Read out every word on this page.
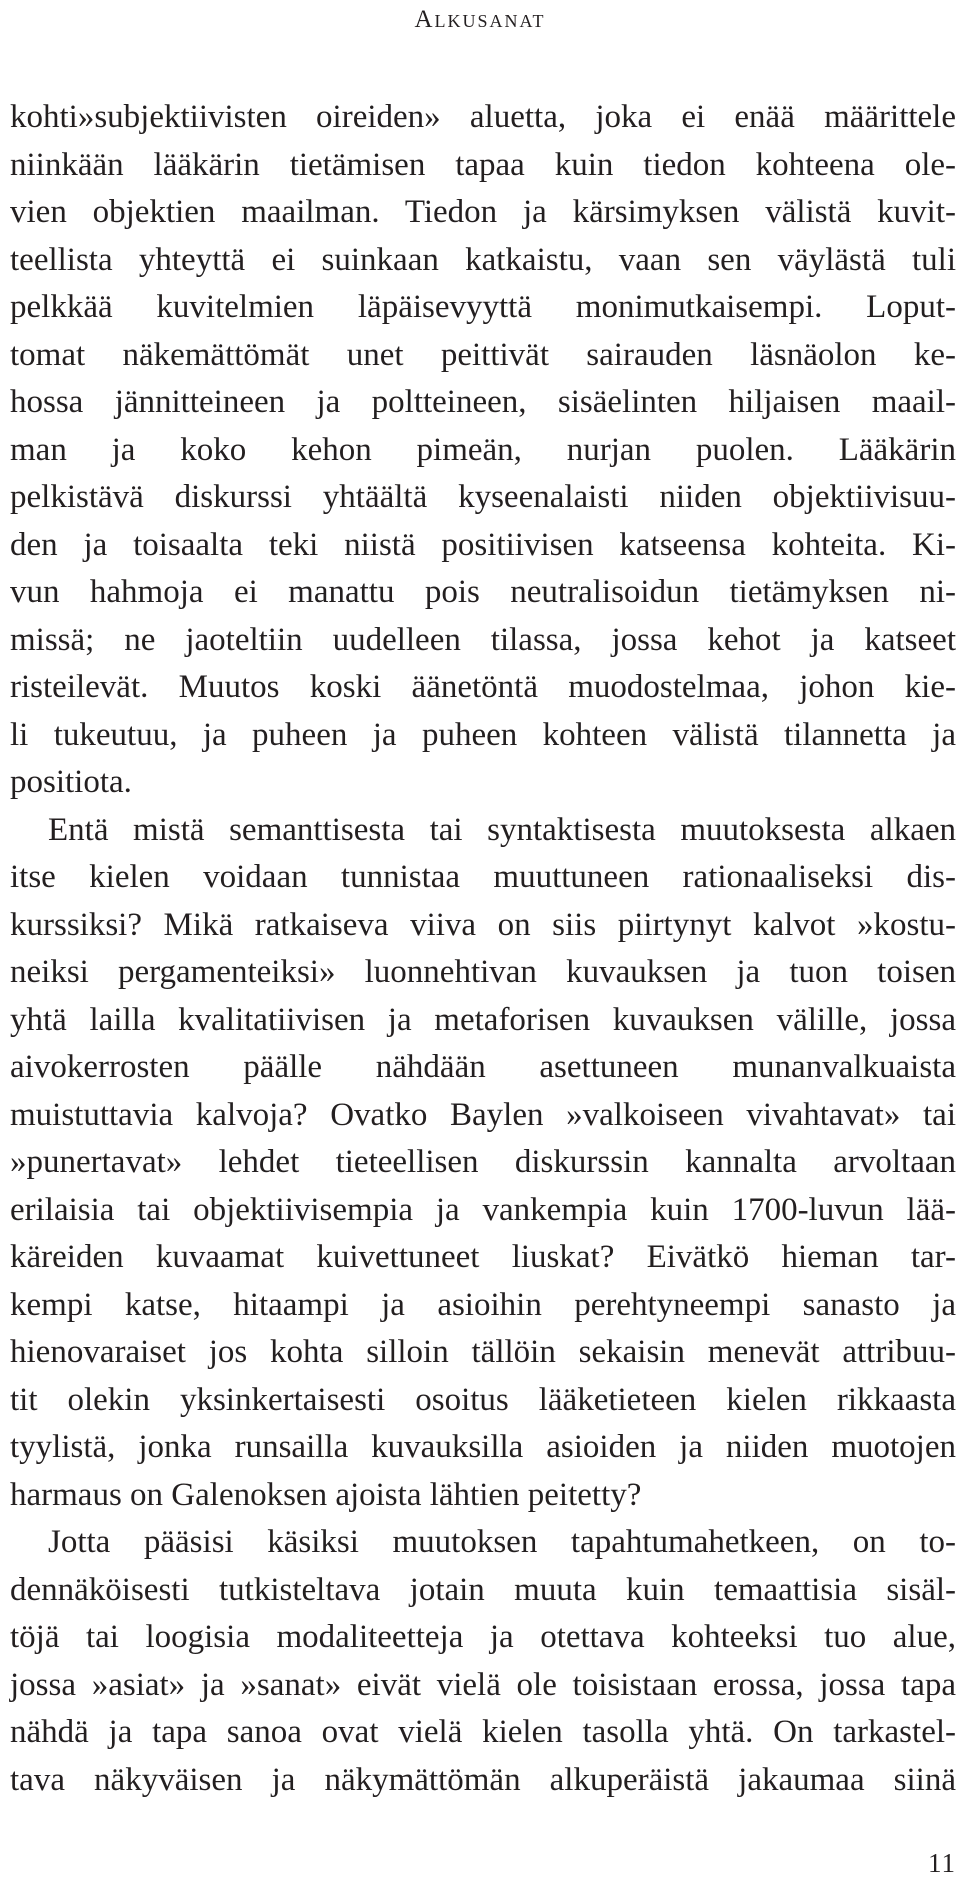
Alkusanat
kohti»subjektiivisten oireiden» aluetta, joka ei enää määrittele
niinkään lääkärin tietämisen tapaa kuin tiedon kohteena ole-
vien objektien maailman. Tiedon ja kärsimyksen välistä kuvit-
teellista yhteyttä ei suinkaan katkaistu, vaan sen väylästä tuli
pelkkää kuvitelmien läpäisevyyttä monimutkaisempi. Loput-
tomat näkemättömät unet peittivät sairauden läsnäolon ke-
hossa jännitteineen ja poltteineen, sisäelinten hiljaisen maail-
man ja koko kehon pimeän, nurjan puolen. Lääkärin
pelkistävä diskurssi yhtäältä kyseenalaisti niiden objektiivisuu-
den ja toisaalta teki niistä positiivisen katseensa kohteita. Ki-
vun hahmoja ei manattu pois neutralisoidun tietämyksen ni-
missä; ne jaoteltiin uudelleen tilassa, jossa kehot ja katseet
risteilevät. Muutos koski äänetöntä muodostelmaa, johon kie-
li tukeutuu, ja puheen ja puheen kohteen välistä tilannetta ja
positiota.
Entä mistä semanttisesta tai syntaktisesta muutoksesta alkaen
itse kielen voidaan tunnistaa muuttuneen rationaaliseksi dis-
kurssiksi? Mikä ratkaiseva viiva on siis piirtynyt kalvot »kostu-
neiksi pergamenteiksi» luonnehtivan kuvauksen ja tuon toisen
yhtä lailla kvalitatiivisen ja metaforisen kuvauksen välille, jossa
aivokerrosten päälle nähdään asettuneen munanvalkuaista
muistuttavia kalvoja? Ovatko Baylen »valkoiseen vivahtavat» tai
»punertavat» lehdet tieteellisen diskurssin kannalta arvoltaan
erilaisia tai objektiivisempia ja vankempia kuin 1700-luvun lää-
käreiden kuvaamat kuivettuneet liuskat? Eivätkö hieman tar-
kempi katse, hitaampi ja asioihin perehtyneempi sanasto ja
hienovaraiset jos kohta silloin tällöin sekaisin menevät attribuu-
tit olekin yksinkertaisesti osoitus lääketieteen kielen rikkaasta
tyylistä, jonka runsailla kuvauksilla asioiden ja niiden muotojen
harmaus on Galenoksen ajoista lähtien peitetty?
Jotta pääsisi käsiksi muutoksen tapahtumahetkeen, on to-
dennäköisesti tutkisteltava jotain muuta kuin temaattisia sisäl-
töjä tai loogisia modaliteetteja ja otettava kohteeksi tuo alue,
jossa »asiat» ja »sanat» eivät vielä ole toisistaan erossa, jossa tapa
nähdä ja tapa sanoa ovat vielä kielen tasolla yhtä. On tarkastel-
tava näkyväisen ja näkymättömän alkuperäistä jakaumaa siinä
11
